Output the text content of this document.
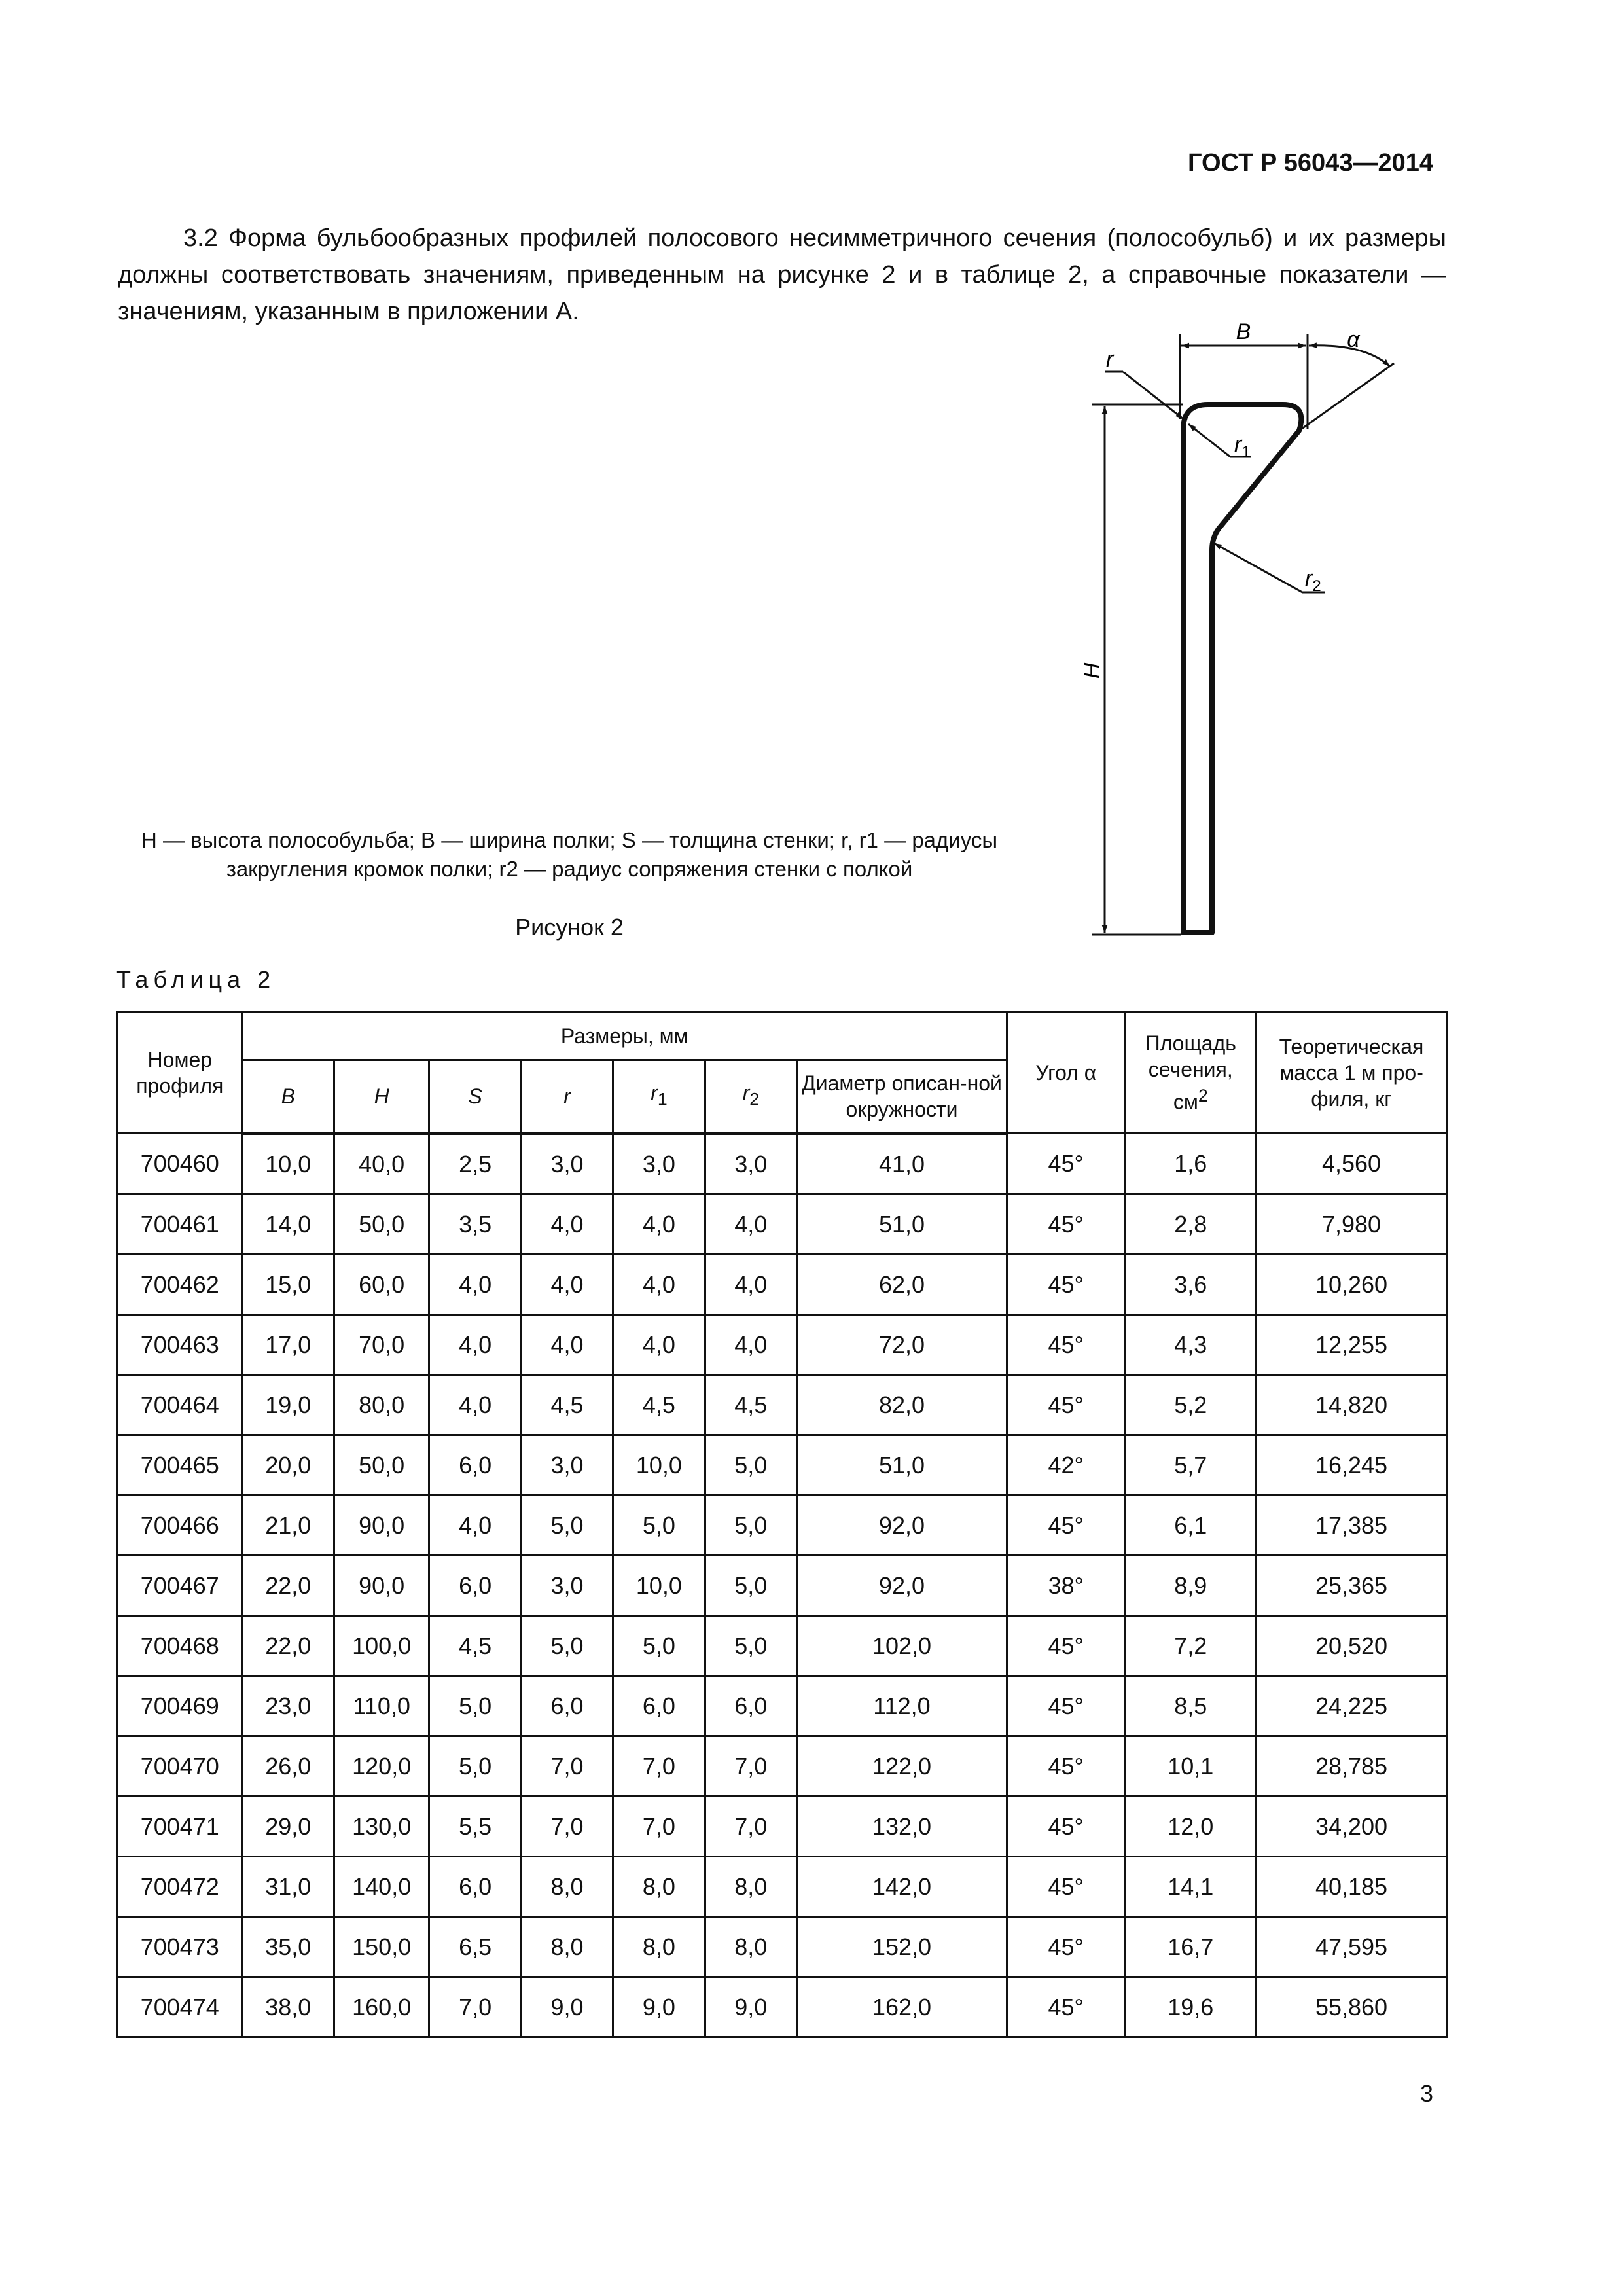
ГОСТ Р 56043—2014

3.2 Форма бульбообразных профилей полосового несимметричного сечения (полособульб) и их размеры должны соответствовать значениям, приведенным на рисунке 2 и в таблице 2, а справочные показатели — значениям, указанным в приложении А.

B	α
r
$r_1$
$r_2$
H
H — высота полособульба; B — ширина полки; S — толщина стенки; r, r1 — радиусы
закругления кромок полки; r2 — радиус сопряжения стенки с полкой
Рисунок 2
Таблица 2
Номер профиля	Размеры, мм							Угол α	Площадь сечения, $см^2$	Теоретическая масса 1 м про-филя, кг
	B	H	S	r	$r_1$	$r_2$	Диаметр описан-ной окружности			
700460	10,0	40,0	2,5	3,0	3,0	3,0	41,0	45°	1,6	4,560
700461	14,0	50,0	3,5	4,0	4,0	4,0	51,0	45°	2,8	7,980
700462	15,0	60,0	4,0	4,0	4,0	4,0	62,0	45°	3,6	10,260
700463	17,0	70,0	4,0	4,0	4,0	4,0	72,0	45°	4,3	12,255
700464	19,0	80,0	4,0	4,5	4,5	4,5	82,0	45°	5,2	14,820
700465	20,0	50,0	6,0	3,0	10,0	5,0	51,0	42°	5,7	16,245
700466	21,0	90,0	4,0	5,0	5,0	5,0	92,0	45°	6,1	17,385
700467	22,0	90,0	6,0	3,0	10,0	5,0	92,0	38°	8,9	25,365
700468	22,0	100,0	4,5	5,0	5,0	5,0	102,0	45°	7,2	20,520
700469	23,0	110,0	5,0	6,0	6,0	6,0	112,0	45°	8,5	24,225
700470	26,0	120,0	5,0	7,0	7,0	7,0	122,0	45°	10,1	28,785
700471	29,0	130,0	5,5	7,0	7,0	7,0	132,0	45°	12,0	34,200
700472	31,0	140,0	6,0	8,0	8,0	8,0	142,0	45°	14,1	40,185
700473	35,0	150,0	6,5	8,0	8,0	8,0	152,0	45°	16,7	47,595
700474	38,0	160,0	7,0	9,0	9,0	9,0	162,0	45°	19,6	55,860
3
